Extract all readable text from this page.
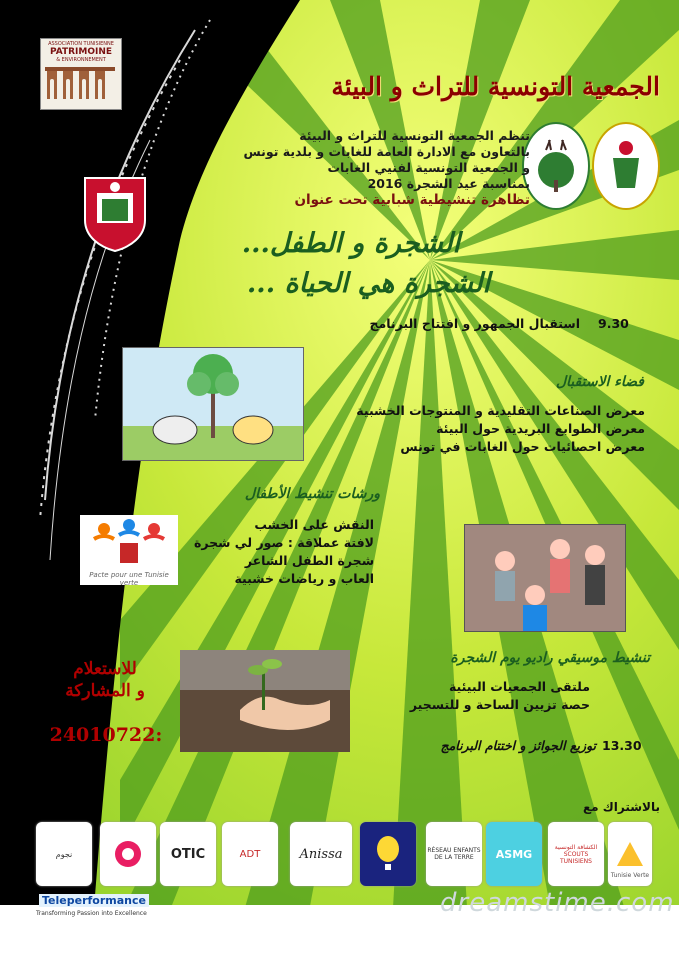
ASSOCIATION TUNISIENNE
PATRIMOINE
& ENVIRONNEMENT
الجمعية التونسية للتراث و البيئة
تنظم الجمعية التونسية للتراث و البيئة
بالتعاون مع الادارة العامة للغابات و بلدية تونس
و الجمعية التونسية لفنيي الغابات
بمناسبة عيد الشجرة 2016
تظاهرة تنشيطية شبابية تحت عنوان
الشجرة و الطفل...
الشجرة هي الحياة ...
9.30
استقبال الجمهور و افتتاح البرنامج
فضاء الاستقبال
معرض الصناعات التقليدية و المنتوجات الخشبية
معرض الطوابع البريدية حول البيئة
معرض احصائيات حول الغابات في تونس
ورشات تنشيط الأطفال
النقش على الخشب
لافتة عملاقة : صور لي شجرة
شجرة الطفل الشاعر
العاب و رياضات خشبية
Pacte pour une Tunisie verte
للاستعلام
و المشاركة
24010722:
تنشيط موسيقي راديو يوم الشجرة
ملتقى الجمعيات البيئية
حصة تزيين الساحة و للتسجير
13.30
توزيع الجوائز و اختتام البرنامج
بالاشتراك مع
نجوم	OTIC	ADT	Anissa	RÉSEAU ENFANTS DE LA TERRE	ASMG
الكشافة التونسية SCOUTS TUNISIENS
Tunisie Verte
Teleperformance
Transforming Passion into Excellence	dreamstime.com
